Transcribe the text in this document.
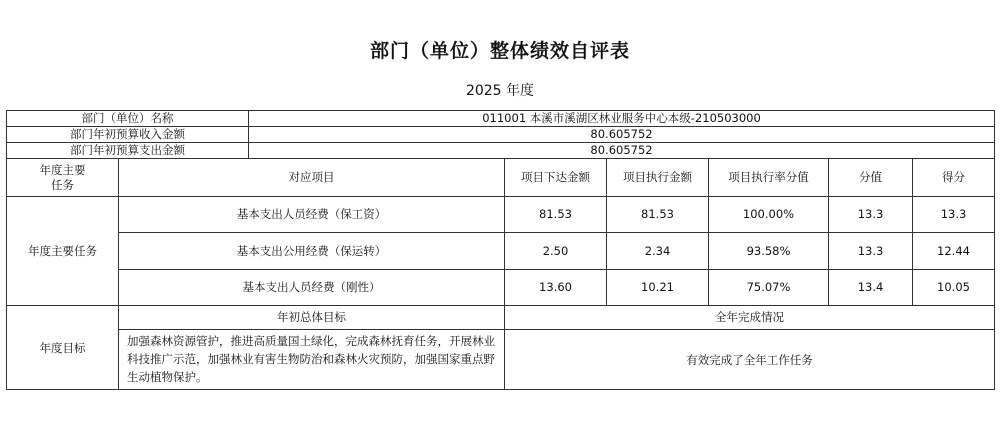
部门（单位）整体绩效自评表
2025 年度
部门（单位）名称		011001 本溪市溪湖区林业服务中心本级-210503000					
部门年初预算收入金额		80.605752					
部门年初预算支出金额		80.605752					
年度主要
任务	对应项目		项目下达金额	项目执行金额	项目执行率分值	分值	得分
年度主要任务	基本支出人员经费（保工资）		81.53	81.53	100.00%	13.3	13.3
	基本支出公用经费（保运转）		2.50	2.34	93.58%	13.3	12.44
	基本支出人员经费（刚性）		13.60	10.21	75.07%	13.4	10.05
年度目标	年初总体目标		全年完成情况				
	加强森林资源管护，推进高质量国土绿化，完成森林抚育任务，开展林业科技推广示范，加强林业有害生物防治和森林火灾预防，加强国家重点野生动植物保护。		有效完成了全年工作任务				
